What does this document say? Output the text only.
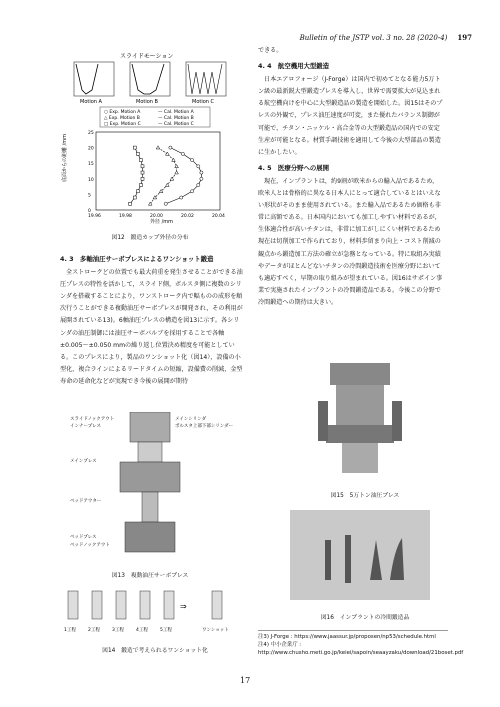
Bulletin of the JSTP vol. 3 no. 28 (2020-4) 197
スライドモーション
Motion A	Motion B	Motion C
○ Exp. Motion A	— Cal. Motion A
△ Exp. Motion B	— Cal. Motion B
□ Exp. Motion C	— Cal. Motion C
19.96	19.98	20.00	20.02	20.04
0
5
10
15
20
25
底面からの距離 /mm
外径 /mm
図12　鍛造カップ外径の分布
4. 3　多軸油圧サーボプレスによるワンショット鍛造

全ストロークどの位置でも最大荷重を発生させることができる油圧プレスの特性を活かして，スライド側，ボルスタ側に複数のシリンダを搭載することにより，ワンストローク内で幅ものの成形を順次行うことができる複動油圧サーボプレスが開発され，その利用が展開されている13)。6軸油圧プレスの構造を図13に示す。各シリンダの油圧制御には油圧サーボバルブを採用することで各軸±0.005～±0.050 mmの繰り返し位置決め精度を可能としている。このプレスにより，製品のワンショット化（図14），設備の小型化，複合ラインによるリードタイムの短縮，設備費の削減，金型寿命の延命化などが実現でき今後の展開が期待

スライドノックアウト
インナープレス
メインシリンダ
ボルスタ上部下部シリンダー
メインプレス
ベッドアウター
ベッドプレス
ベッドノックアウト
図13　複動油圧サーボプレス
⇒
1工程	2工程	3工程	4工程	5工程	ワンショット
図14　鍛造で考えられるワンショット化

できる。

4. 4　航空機用大型鍛造

日本エアロフォージ（J-Forge）は国内で初めてとなる能力5万トン級の最新鋭大型鍛造プレスを導入し，世界で需要拡大が見込まれる航空機向けを中心に大型鍛造品の製造を開始した。図15はそのプレスの外観で，プレス油圧速度が可変，また優れたバランス制御が可能で，チタン・ニッケル・高合金等の大型鍛造品の国内での安定生産が可能となる。材質手調技術を適用して今後の大型部品の製造に生かしたい。

4. 5　医療分野への展開

現在，インプラントは，約9割が欧米からの輸入品であるため，欧米人とは骨格的に異なる日本人にとって適合しているとはいえない形状がそのまま使用されている。また輸入品であるため価格も非常に高額である。日本国内においても加工しやすい材料であるが，生体適合性が高いチタンは，非常に加工がしにくい材料であるため現在は切削加工で作られており，材料歩留まり向上・コスト削減の観点から鍛造加工方法の確立が急務となっている。特に取組み実績やデータがほとんどないチタンの冷間鍛造技術を医療分野においても適応すべく，早期の取り組みが望まれている。図16はサポイン事業で実施されたインプラントの冷間鍛造品である。今後この分野で冷間鍛造への期待は大きい。

図15　5万トン油圧プレス
図16　インプラントの冷間鍛造品
注3) J-Forge : https://www.jaassur.jp/proposen/np53/schedule.html
注4) 中小企業庁 : http://www.chusho.meti.go.jp/keiei/sapoin/seaayzaku/download/21boset.pdf
17
